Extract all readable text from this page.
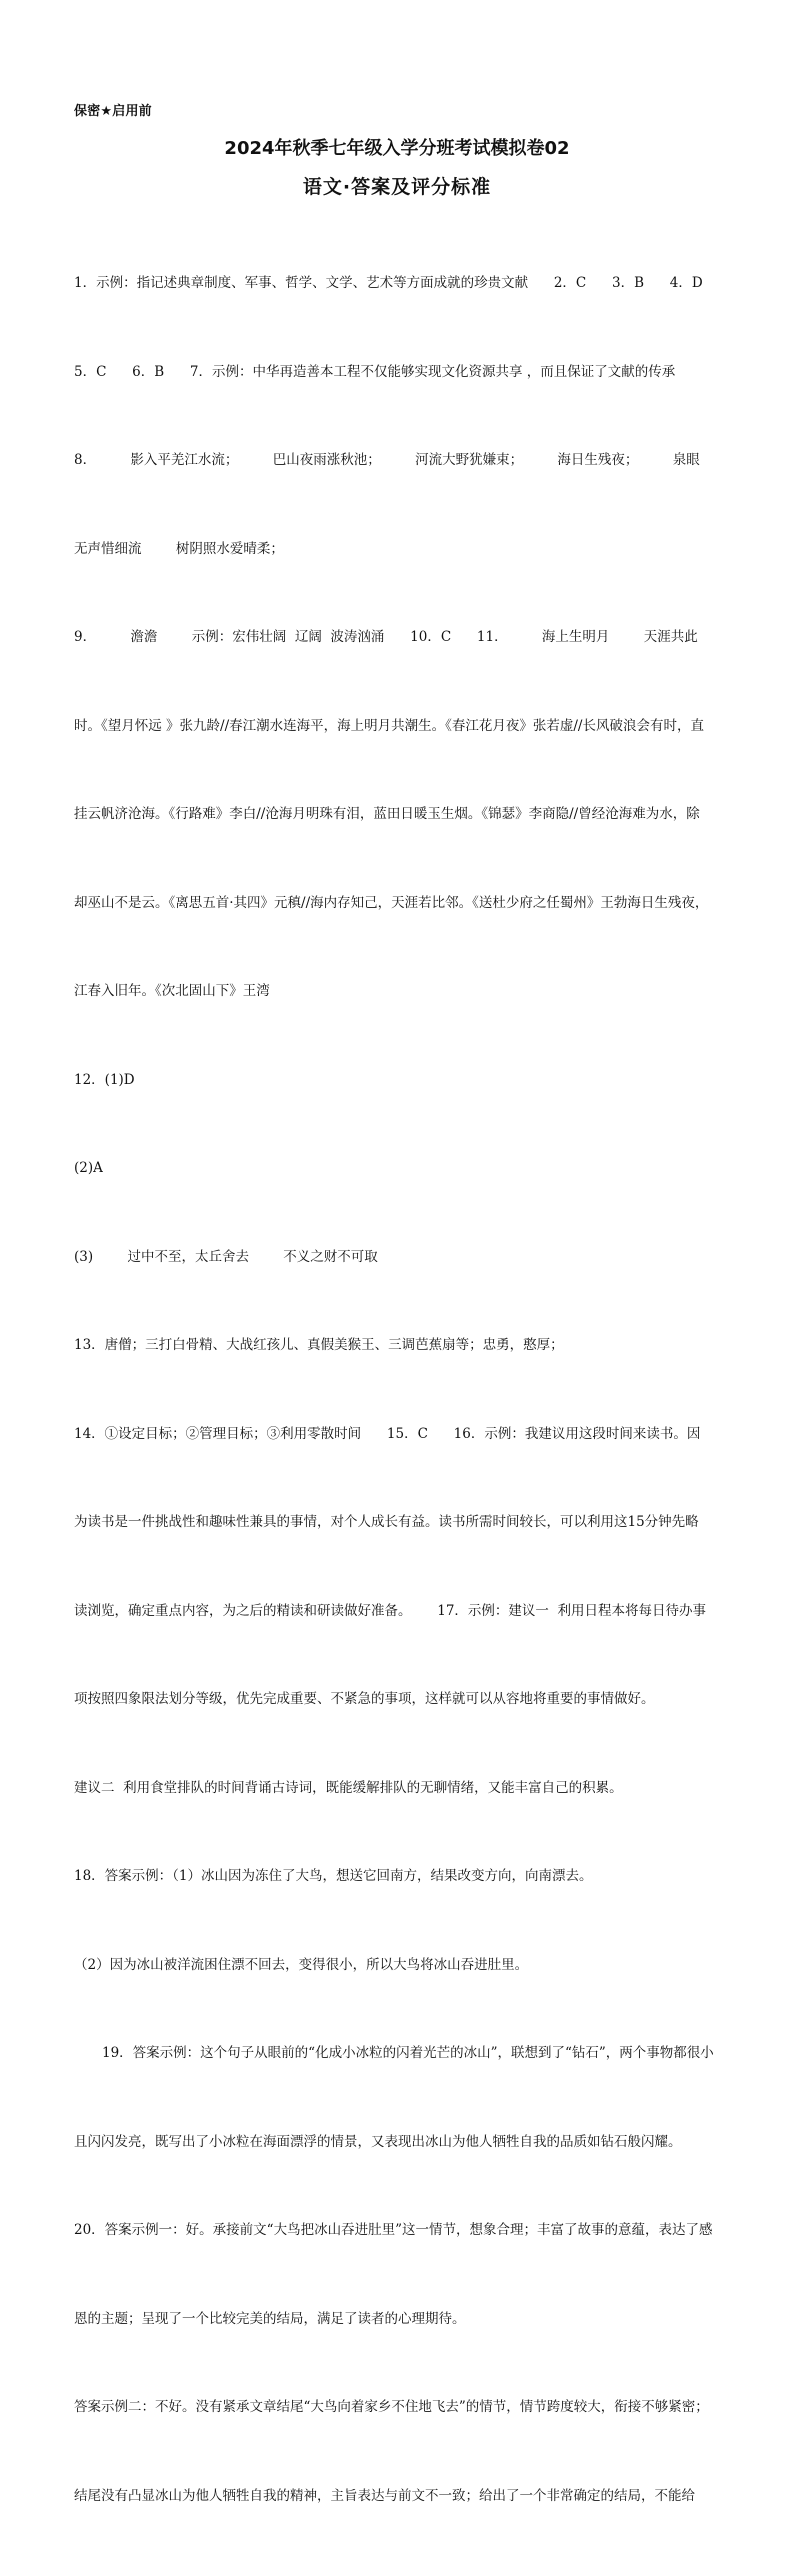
保密★启用前
2024年秋季七年级入学分班考试模拟卷02
语文·答案及评分标准

1．示例：指记述典章制度、军事、哲学、文学、艺术等方面成就的珍贵文献      2．C      3．B      4．D

5．C      6．B      7．示例：中华再造善本工程不仅能够实现文化资源共享 ，而且保证了文献的传承

8．        影入平羌江水流；        巴山夜雨涨秋池；        河流大野犹嫌束；        海日生残夜；        泉眼

无声惜细流        树阴照水爱晴柔；

9．        澹澹        示例：宏伟壮阔  辽阔  波涛汹涌      10．C      11．        海上生明月        天涯共此

时。《望月怀远 》张九龄//春江潮水连海平，海上明月共潮生。《春江花月夜》张若虚//长风破浪会有时，直

挂云帆济沧海。《行路难》李白//沧海月明珠有泪，蓝田日暖玉生烟。《锦瑟》李商隐//曾经沧海难为水，除

却巫山不是云。《离思五首·其四》元稹//海内存知己，天涯若比邻。《送杜少府之任蜀州》王勃海日生残夜，

江春入旧年。《次北固山下》王湾

12．(1)D

(2)A

(3)        过中不至，太丘舍去        不义之财不可取

13．唐僧；三打白骨精、大战红孩儿、真假美猴王、三调芭蕉扇等；忠勇，憨厚；

14．①设定目标；②管理目标；③利用零散时间      15．C      16．示例：我建议用这段时间来读书。因

为读书是一件挑战性和趣味性兼具的事情，对个人成长有益。读书所需时间较长，可以利用这15分钟先略

读浏览，确定重点内容，为之后的精读和研读做好准备。      17．示例：建议一  利用日程本将每日待办事

项按照四象限法划分等级，优先完成重要、不紧急的事项，这样就可以从容地将重要的事情做好。

建议二  利用食堂排队的时间背诵古诗词，既能缓解排队的无聊情绪，又能丰富自己的积累。

18．答案示例：（1）冰山因为冻住了大鸟，想送它回南方，结果改变方向，向南漂去。

（2）因为冰山被洋流困住漂不回去，变得很小，所以大鸟将冰山吞进肚里。

19．答案示例：这个句子从眼前的“化成小冰粒的闪着光芒的冰山”，联想到了“钻石”，两个事物都很小

且闪闪发亮，既写出了小冰粒在海面漂浮的情景，又表现出冰山为他人牺牲自我的品质如钻石般闪耀。

20．答案示例一：好。承接前文“大鸟把冰山吞进肚里”这一情节，想象合理；丰富了故事的意蕴，表达了感

恩的主题；呈现了一个比较完美的结局，满足了读者的心理期待。

答案示例二：不好。没有紧承文章结尾“大鸟向着家乡不住地飞去”的情节，情节跨度较大，衔接不够紧密；

结尾没有凸显冰山为他人牺牲自我的精神，主旨表达与前文不一致；给出了一个非常确定的结局，不能给
